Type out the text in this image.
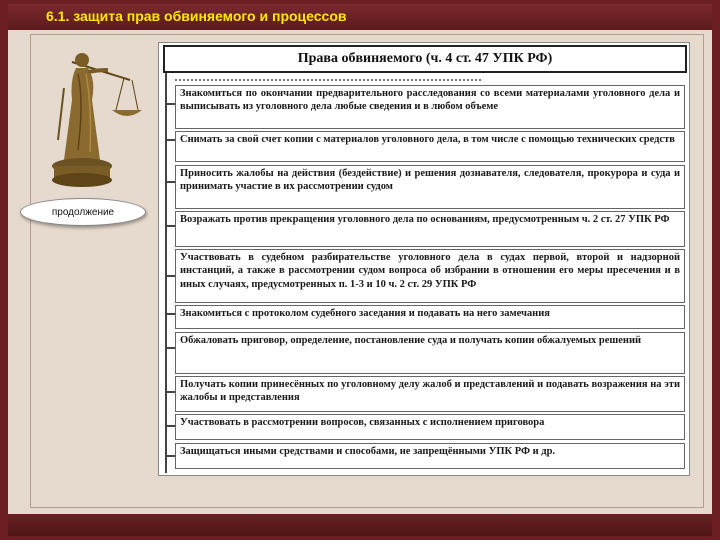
6.1. защита прав обвиняемого и процессов
продолжение
Права обвиняемого (ч. 4 ст. 47 УПК РФ)
Знакомиться по окончании предварительного расследования со всеми материалами уголовного дела и выписывать из уголовного дела любые сведения и в любом объеме
Снимать за свой счет копии с материалов уголовного дела, в том числе с помощью технических средств
Приносить жалобы на действия (бездействие) и решения дознавателя, следователя, прокурора и суда и принимать участие в их рассмотрении судом
Возражать против прекращения уголовного дела по основаниям, предусмотренным ч. 2 ст. 27 УПК РФ
Участвовать в судебном разбирательстве уголовного дела в судах первой, второй и надзорной инстанций, а также в рассмотрении судом вопроса об избрании в отношении его меры пресечения и в иных случаях, предусмотренных п. 1-3 и 10 ч. 2 ст. 29 УПК РФ
Знакомиться с протоколом судебного заседания и подавать на него замечания
Обжаловать приговор, определение, постановление суда и получать копии обжалуемых решений
Получать копии принесённых по уголовному делу жалоб и представлений и подавать возражения на эти жалобы и представления
Участвовать в рассмотрении вопросов, связанных с исполнением приговора
Защищаться иными средствами и способами, не запрещёнными УПК РФ и др.
